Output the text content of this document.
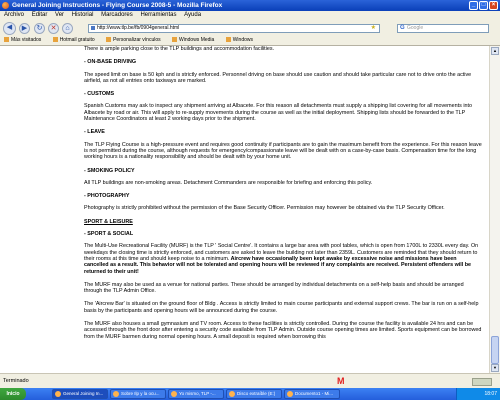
General Joining Instructions - Flying Course 2008-5 - Mozilla Firefox	_	□	×
Archivo Editar Ver Historial Marcadores Herramientas Ayuda
◀	▶	↻	✕	⌂	http://www.tlp.be/fb/0904general.html	★	G Google
Más visitados	Hotmail gratuito	Personalizar vínculos	Windows Media	Windows

There is ample parking close to the TLP buildings and accommodation facilities.

- ON-BASE DRIVING

The speed limit on base is 50 kph and is strictly enforced. Personnel driving on base should use caution and should take particular care not to drive onto the active airfield, as not all entries onto taxiways are marked.

- CUSTOMS

Spanish Customs may ask to inspect any shipment arriving at Albacete. For this reason all detachments must supply a shipping list covering for all movements into Albacete by road or air. This will apply to re-supply movements during the course as well as the initial deployment. Shipping lists should be forwarded to the TLP Maintenance Coordinators at least 2 working days prior to the shipment.

- LEAVE

The TLP Flying Course is a high-pressure event and requires good continuity if participants are to gain the maximum benefit from the experience. For this reason leave is not permitted during the course, although requests for emergency/compassionate leave will be dealt with on a case-by-case basis. Compensation time for the long working hours is a nationality responsibility and should be dealt with by your home unit.

- SMOKING POLICY

All TLP buildings are non-smoking areas. Detachment Commanders are responsible for briefing and enforcing this policy.

- PHOTOGRAPHY

Photography is strictly prohibited without the permission of the Base Security Officer. Permission may however be obtained via the TLP Security Officer.

SPORT & LEISURE

- SPORT & SOCIAL

The Multi-Use Recreational Facility (MURF) is the TLP ' Social Centre'. It contains a large bar area with pool tables, which is open from 1700L to 2330L every day. On weekdays the closing time is strictly enforced, and customers are asked to leave the building not later than 2359L. Customers are reminded that they should return to their rooms at this time and should keep noise to a minimum. Aircrew have occasionally been kept awake by excessive noise and missions have been cancelled as a result. This behavior will not be tolerated and opening hours will be reviewed if any complaints are received. Persistent offenders will be returned to their unit!

The MURF may also be used as a venue for national parties. These should be arranged by individual detachments on a self-help basis and should be arranged through the TLP Admin Office.

The 'Aircrew Bar' is situated on the ground floor of Bldg . Access is strictly limited to main course participants and external support crews. The bar is run on a self-help basis by the participants and opening hours will be announced during the course.

The MURF also houses a small gymnasium and TV room. Access to these facilities is strictly controlled. During the course the facility is available 24 hrs and can be accessed through the front door after entering a security code available from TLP Admin. Outside course opening times are limited. Sports equipment can be borrowed from the MURF barmen during normal opening hours. A small deposit is required when borrowing this

▲
▼
Terminado	M
Inicio	General Joining In...	Sobre Ilp y la ocu...	Yo mismo, TLP -...	Disco extraíble (E:)	Documento1 - Mi...	18:07
